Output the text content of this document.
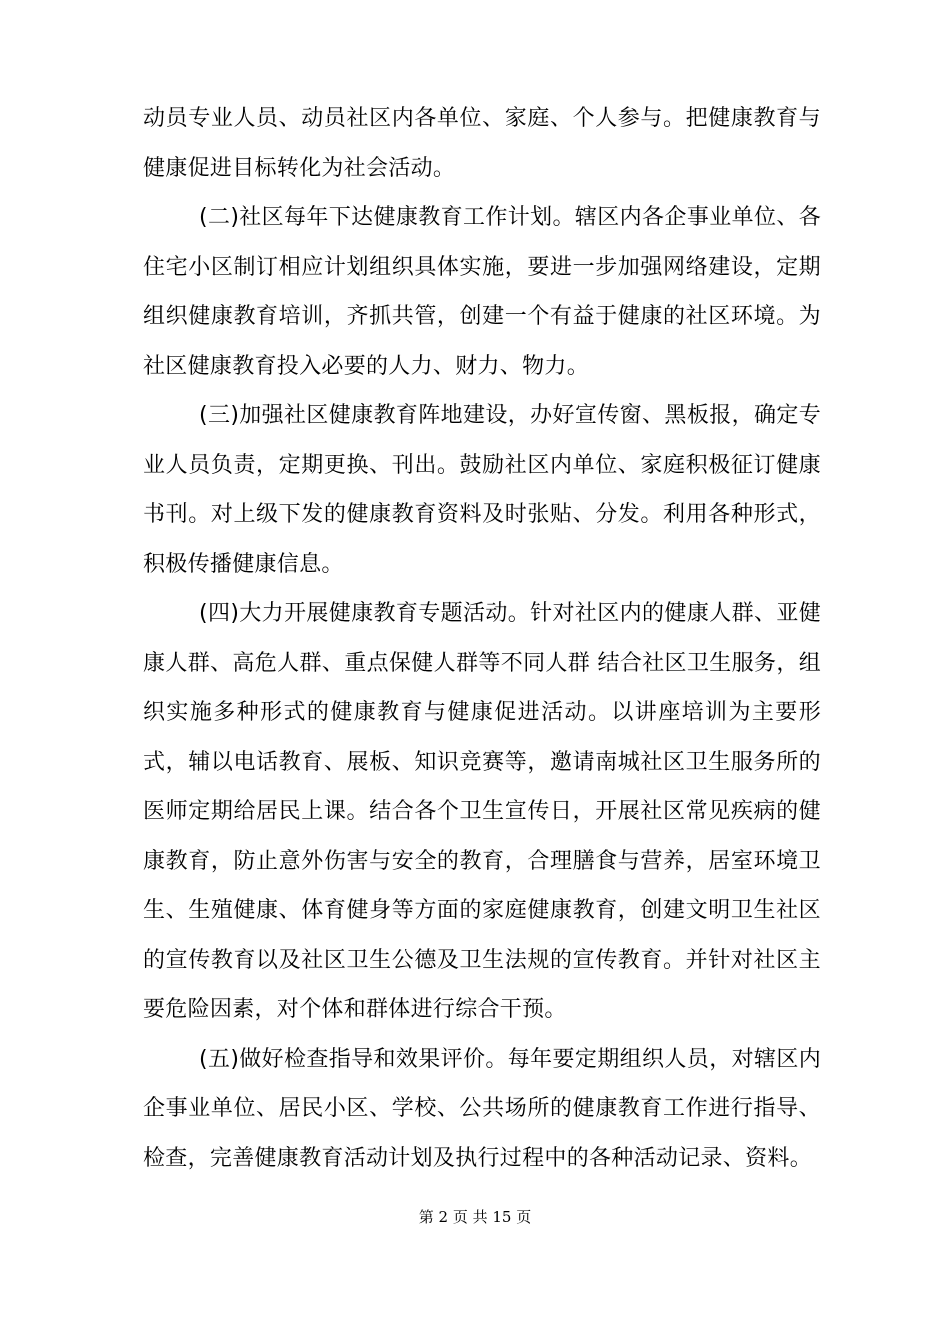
动员专业人员、动员社区内各单位、家庭、个人参与。把健康教育与健康促进目标转化为社会活动。

(二)社区每年下达健康教育工作计划。辖区内各企事业单位、各住宅小区制订相应计划组织具体实施，要进一步加强网络建设，定期组织健康教育培训，齐抓共管，创建一个有益于健康的社区环境。为社区健康教育投入必要的人力、财力、物力。

(三)加强社区健康教育阵地建设，办好宣传窗、黑板报，确定专业人员负责，定期更换、刊出。鼓励社区内单位、家庭积极征订健康书刊。对上级下发的健康教育资料及时张贴、分发。利用各种形式，积极传播健康信息。

(四)大力开展健康教育专题活动。针对社区内的健康人群、亚健康人群、高危人群、重点保健人群等不同人群 结合社区卫生服务，组织实施多种形式的健康教育与健康促进活动。以讲座培训为主要形式，辅以电话教育、展板、知识竞赛等，邀请南城社区卫生服务所的医师定期给居民上课。结合各个卫生宣传日，开展社区常见疾病的健康教育，防止意外伤害与安全的教育，合理膳食与营养，居室环境卫生、生殖健康、体育健身等方面的家庭健康教育，创建文明卫生社区的宣传教育以及社区卫生公德及卫生法规的宣传教育。并针对社区主要危险因素，对个体和群体进行综合干预。

(五)做好检查指导和效果评价。每年要定期组织人员，对辖区内企事业单位、居民小区、学校、公共场所的健康教育工作进行指导、检查，完善健康教育活动计划及执行过程中的各种活动记录、资料。

第 2 页 共 15 页
